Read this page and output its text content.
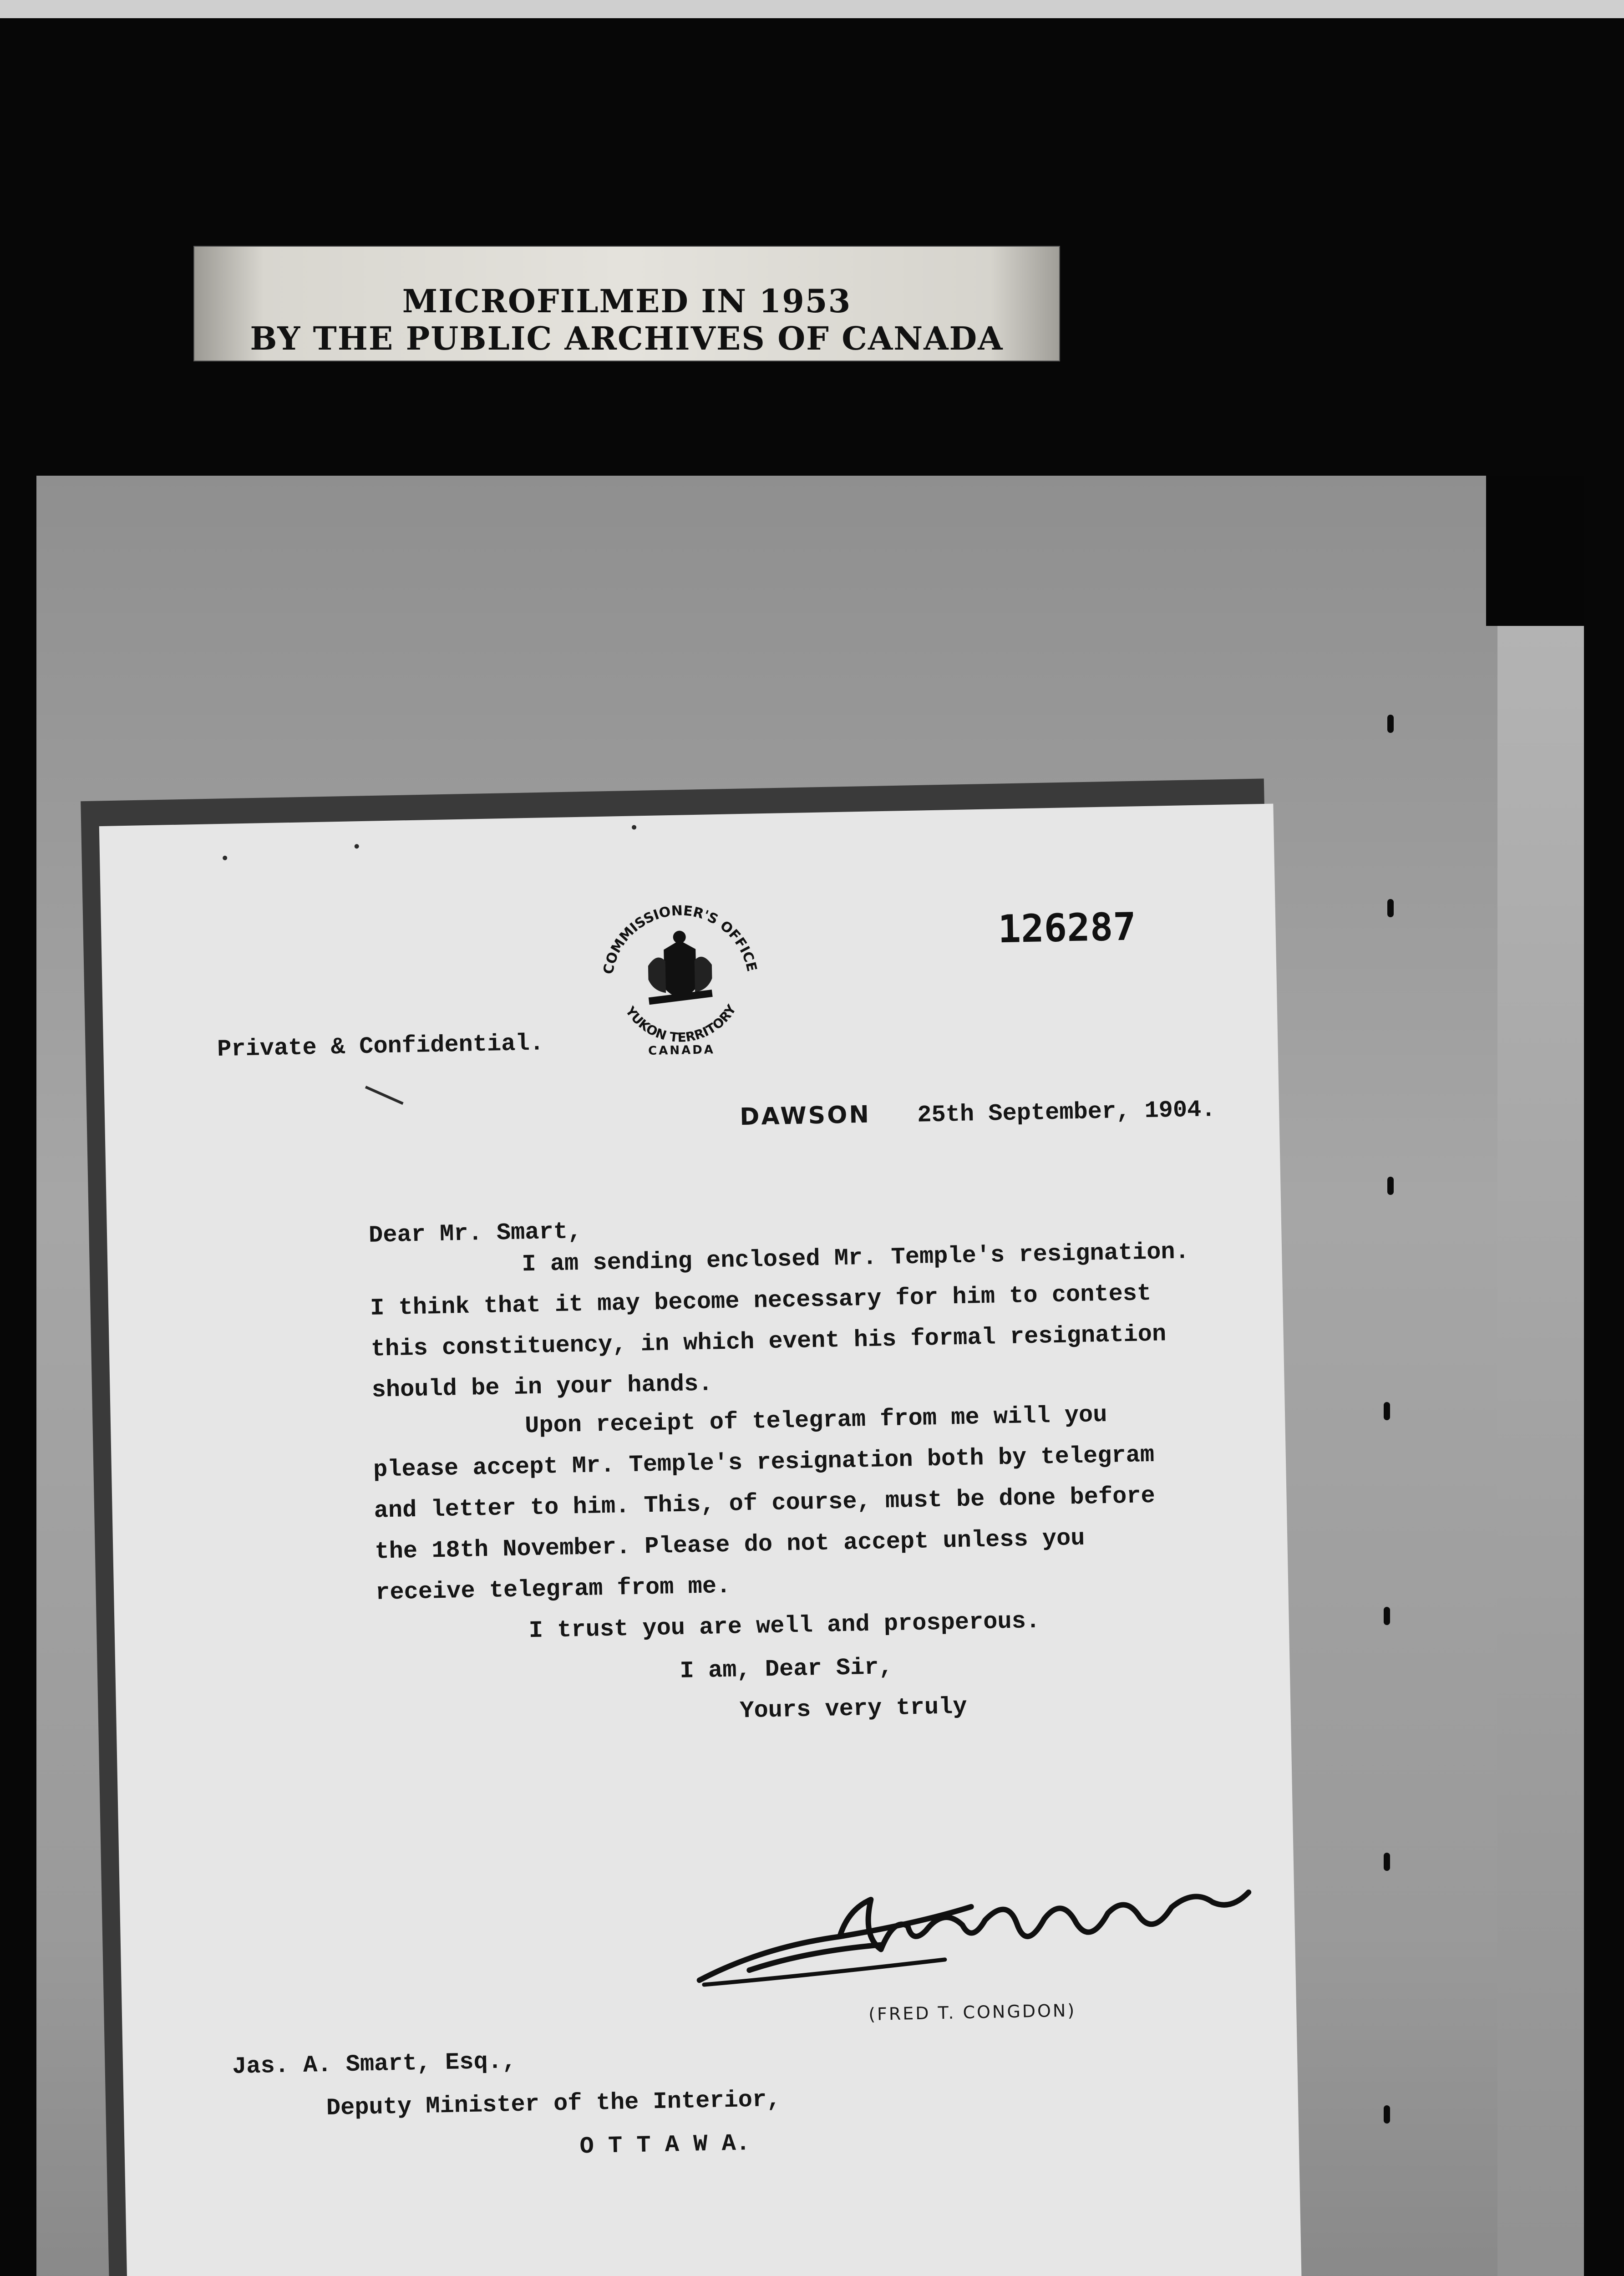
MICROFILMED IN 1953
BY THE PUBLIC ARCHIVES OF CANADA
126287
COMMISSIONER'S OFFICE
YUKON TERRITORY
CANADA
Private & Confidential.
DAWSON 25th September, 1904.
Dear Mr. Smart,
I am sending enclosed Mr. Temple's resignation.
I think that it may become necessary for him to contest
this constituency, in which event his formal resignation
should be in your hands.
Upon receipt of telegram from me will you
please accept Mr. Temple's resignation both by telegram
and letter to him. This, of course, must be done before
the 18th November. Please do not accept unless you
receive telegram from me.
I trust you are well and prosperous.
I am, Dear Sir,
Yours very truly
(FRED T. CONGDON)
Jas. A. Smart, Esq.,
Deputy Minister of the Interior,
O T T A W A.
